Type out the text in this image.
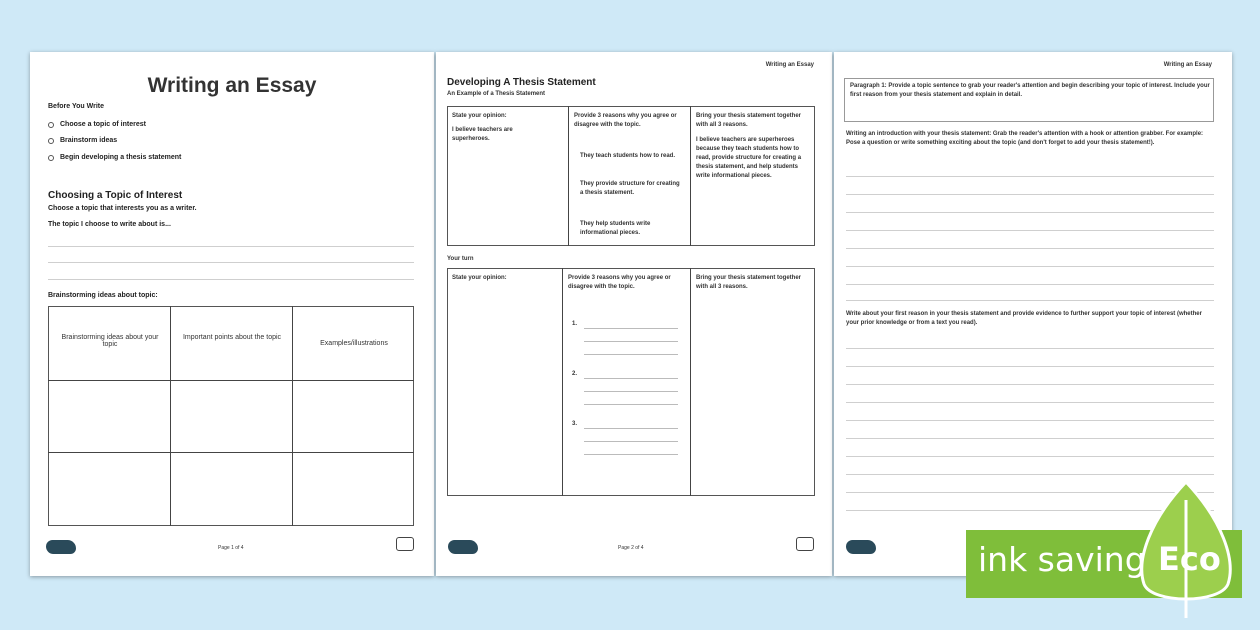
Writing an Essay
Before You Write
Choose a topic of interest
Brainstorm ideas
Begin developing a thesis statement
Choosing a Topic of Interest
Choose a topic that interests you as a writer.
The topic I choose to write about is...
Brainstorming ideas about topic:
Brainstorming ideas about your topic
Important points about the topic
Examples/illustrations
Page 1 of 4
Writing an Essay
Developing A Thesis Statement
An Example of a Thesis Statement
State your opinion:
I believe teachers are superheroes.
Provide 3 reasons why you agree or disagree with the topic.
They teach students how to read.
They provide structure for creating a thesis statement.
They help students write informational pieces.
Bring your thesis statement together with all 3 reasons.
I believe teachers are superheroes because they teach students how to read, provide structure for creating a thesis statement, and help students write informational pieces.
Your turn
State your opinion:	Provide 3 reasons why you agree or disagree with the topic.
Bring your thesis statement together with all 3 reasons.
1.
2.
3.
Page 2 of 4
Writing an Essay
Paragraph 1: Provide a topic sentence to grab your reader's attention and begin describing your topic of interest. Include your first reason from your thesis statement and explain in detail.
Writing an introduction with your thesis statement: Grab the reader's attention with a hook or attention grabber. For example: Pose a question or write something exciting about the topic (and don't forget to add your thesis statement!).
Write about your first reason in your thesis statement and provide evidence to further support your topic of interest (whether your prior knowledge or from a text you read).
ink saving Eco
